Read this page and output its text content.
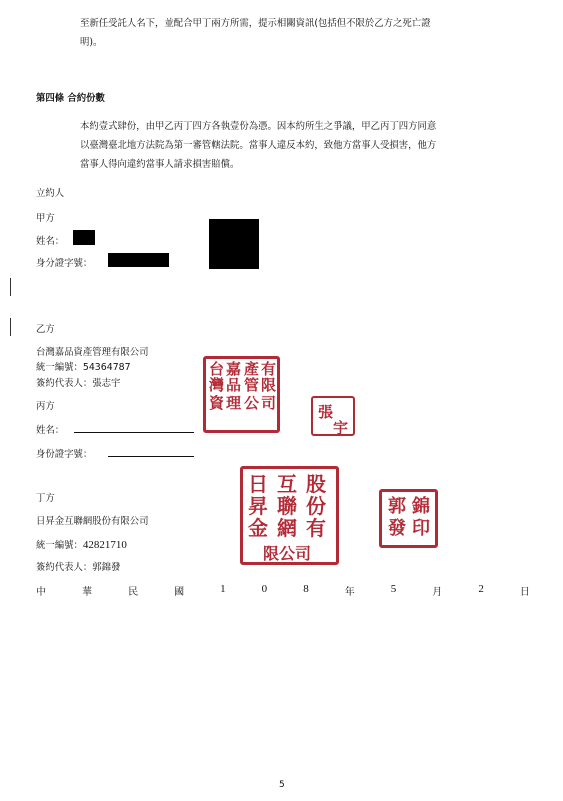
至新任受託人名下，並配合甲丁兩方所需，提示相關資訊(包括但不限於乙方之死亡證
明)。
第四條 合約份數
本約壹式肆份，由甲乙丙丁四方各執壹份為憑。因本約所生之爭議，甲乙丙丁四方同意
以臺灣臺北地方法院為第一審管轄法院。當事人違反本約，致他方當事人受損害，他方
當事人得向違約當事人請求損害賠償。
立約人
甲方
姓名：
身分證字號：
乙方
台灣嘉品資產管理有限公司
統一編號：54364787
簽約代表人：張志宇
台
灣
嘉
品
產
管
有
限
資 理 公 司	張
宇
丙方
姓名：
身份證字號：
丁方
日昇金互聯網股份有限公司
統一編號：42821710
簽約代表人：郭錦發
日
昇
金
互
聯
網
股
份
有
限公司
郭
發
錦
印
中	華	民	國	1	0	8	年	5	月	2	日
5
